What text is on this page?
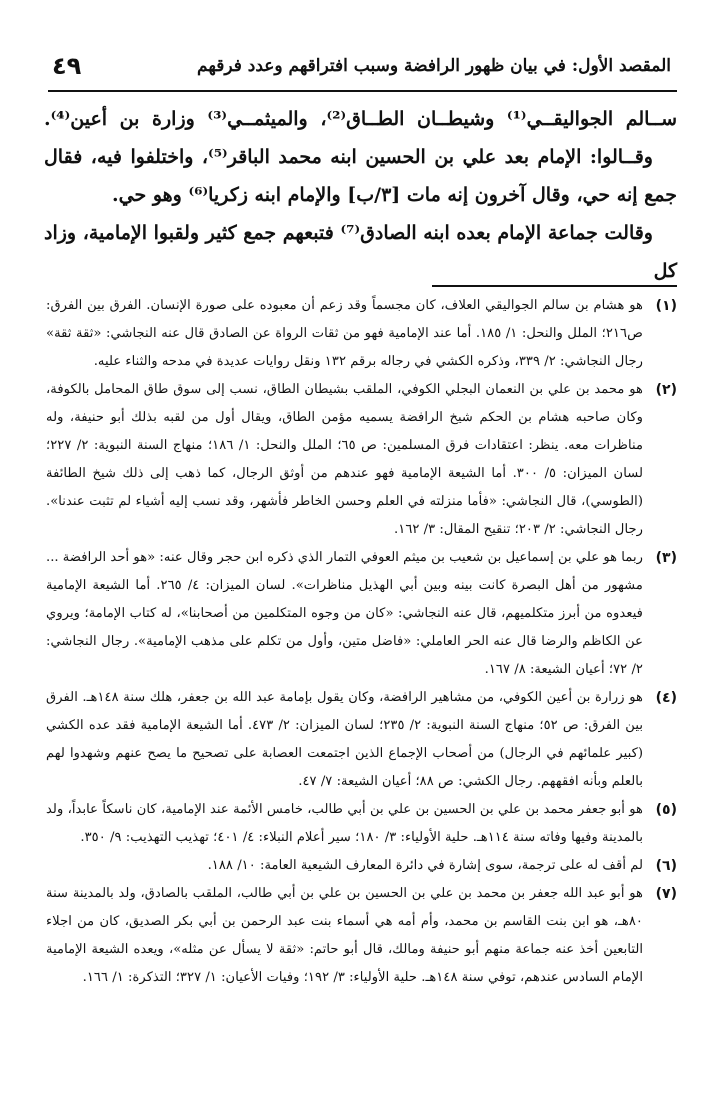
المقصد الأول: في بيان ظهور الرافضة وسبب افتراقهم وعدد فرقهم
٤٩

ســالم الجواليقــي⁽¹⁾ وشيطــان الطــاق⁽²⁾، والميثمــي⁽³⁾ وزارة بن أعين⁽⁴⁾.

وقــالوا: الإمام بعد علي بن الحسين ابنه محمد الباقر⁽⁵⁾، واختلفوا فيه، فقال جمع إنه حي، وقال آخرون إنه مات [٣/ب] والإمام ابنه زكريا⁽⁶⁾ وهو حي.

وقالت جماعة الإمام بعده ابنه الصادق⁽⁷⁾ فتبعهم جمع كثير ولقبوا الإمامية، وزاد كل

(١)
هو هشام بن سالم الجواليقي العلاف، كان مجسماً وقد زعم أن معبوده على صورة الإنسان. الفرق بين الفرق: ص٢١٦؛ الملل والنحل: ١/ ١٨٥. أما عند الإمامية فهو من ثقات الرواة عن الصادق قال عنه النجاشي: «ثقة ثقة» رجال النجاشي: ٢/ ٣٣٩، وذكره الكشي في رجاله برقم ١٣٢ ونقل روايات عديدة في مدحه والثناء عليه.
(٢)
هو محمد بن علي بن النعمان البجلي الكوفي، الملقب بشيطان الطاق، نسب إلى سوق طاق المحامل بالكوفة، وكان صاحبه هشام بن الحكم شيخ الرافضة يسميه مؤمن الطاق، ويقال أول من لقبه بذلك أبو حنيفة، وله مناظرات معه. ينظر: اعتقادات فرق المسلمين: ص ٦٥؛ الملل والنحل: ١/ ١٨٦؛ منهاج السنة النبوية: ٢/ ٢٢٧؛ لسان الميزان: ٥/ ٣٠٠. أما الشيعة الإمامية فهو عندهم من أوثق الرجال، كما ذهب إلى ذلك شيخ الطائفة (الطوسي)، قال النجاشي: «فأما منزلته في العلم وحسن الخاطر فأشهر، وقد نسب إليه أشياء لم تثبت عندنا». رجال النجاشي: ٢/ ٢٠٣؛ تنقيح المقال: ٣/ ١٦٢.
(٣)
ربما هو علي بن إسماعيل بن شعيب بن ميثم العوفي التمار الذي ذكره ابن حجر وقال عنه: «هو أحد الرافضة ... مشهور من أهل البصرة كانت بينه وبين أبي الهذيل مناظرات». لسان الميزان: ٤/ ٢٦٥. أما الشيعة الإمامية فيعدوه من أبرز متكلميهم، قال عنه النجاشي: «كان من وجوه المتكلمين من أصحابنا»، له كتاب الإمامة؛ ويروي عن الكاظم والرضا قال عنه الحر العاملي: «فاضل متين، وأول من تكلم على مذهب الإمامية». رجال النجاشي: ٢/ ٧٢؛ أعيان الشيعة: ٨/ ١٦٧.
(٤)
هو زرارة بن أعين الكوفي، من مشاهير الرافضة، وكان يقول بإمامة عبد الله بن جعفر، هلك سنة ١٤٨هـ. الفرق بين الفرق: ص ٥٢؛ منهاج السنة النبوية: ٢/ ٢٣٥؛ لسان الميزان: ٢/ ٤٧٣. أما الشيعة الإمامية فقد عده الكشي (كبير علمائهم في الرجال) من أصحاب الإجماع الذين اجتمعت العصابة على تصحيح ما يصح عنهم وشهدوا لهم بالعلم وبأنه افقههم. رجال الكشي: ص ٨٨؛ أعيان الشيعة: ٧/ ٤٧.
(٥)
هو أبو جعفر محمد بن علي بن الحسين بن علي بن أبي طالب، خامس الأئمة عند الإمامية، كان ناسكاً عابداً، ولد بالمدينة وفيها وفاته سنة ١١٤هـ. حلية الأولياء: ٣/ ١٨٠؛ سير أعلام النبلاء: ٤/ ٤٠١؛ تهذيب التهذيب: ٩/ ٣٥٠.
(٦)
لم أقف له على ترجمة، سوى إشارة في دائرة المعارف الشيعية العامة: ١٠/ ١٨٨.
(٧)
هو أبو عبد الله جعفر بن محمد بن علي بن الحسين بن علي بن أبي طالب، الملقب بالصادق، ولد بالمدينة سنة ٨٠هـ، هو ابن بنت القاسم بن محمد، وأم أمه هي أسماء بنت عبد الرحمن بن أبي بكر الصديق، كان من اجلاء التابعين أخذ عنه جماعة منهم أبو حنيفة ومالك، قال أبو حاتم: «ثقة لا يسأل عن مثله»، ويعده الشيعة الإمامية الإمام السادس عندهم، توفي سنة ١٤٨هـ. حلية الأولياء: ٣/ ١٩٢؛ وفيات الأعيان: ١/ ٣٢٧؛ التذكرة: ١/ ١٦٦.
